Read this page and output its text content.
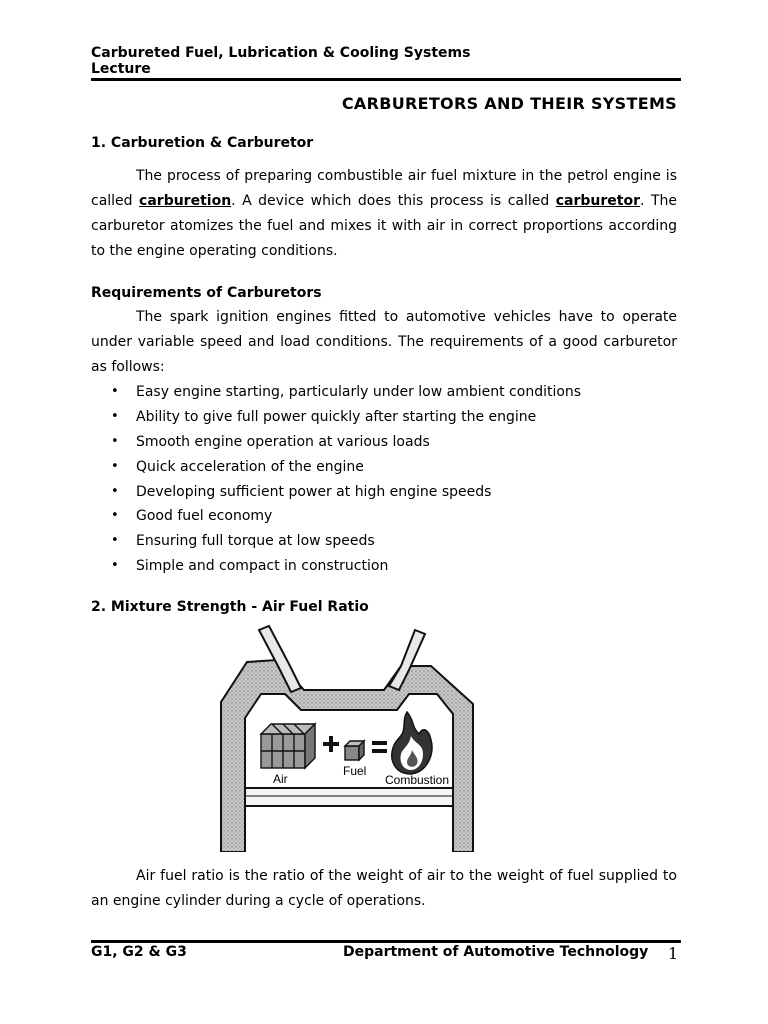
Carbureted Fuel, Lubrication & Cooling Systems
Lecture
CARBURETORS AND THEIR SYSTEMS
1. Carburetion & Carburetor
The process of preparing combustible air fuel mixture in the petrol engine is called carburetion. A device which does this process is called carburetor. The carburetor atomizes the fuel and mixes it with air in correct proportions according to the engine operating conditions.
Requirements of Carburetors
The spark ignition engines fitted to automotive vehicles have to operate under variable speed and load conditions. The requirements of a good carburetor as follows:
• Easy engine starting, particularly under low ambient conditions
• Ability to give full power quickly after starting the engine
• Smooth engine operation at various loads
• Quick acceleration of the engine
• Developing sufficient power at high engine speeds
• Good fuel economy
• Ensuring full torque at low speeds
• Simple and compact in construction
2. Mixture Strength - Air Fuel Ratio
Air
Fuel
Combustion
Air fuel ratio is the ratio of the weight of air to the weight of fuel supplied to an engine cylinder during a cycle of operations.
G1, G2 & G3	Department of Automotive Technology 1
